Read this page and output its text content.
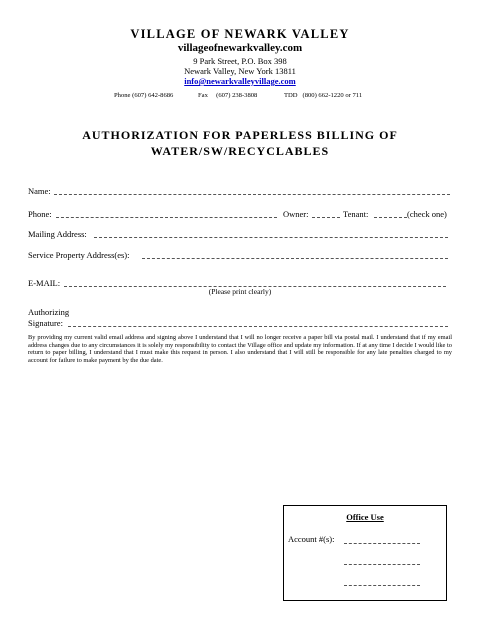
VILLAGE OF NEWARK VALLEY
villageofnewarkvalley.com
9 Park Street, P.O. Box 398
Newark Valley, New York 13811
info@newarkvalleyvillage.com
Phone (607) 642-8686	Fax     (607) 238-3808	TDD   (800) 662-1220 or 711
AUTHORIZATION FOR PAPERLESS BILLING OF
WATER/SW/RECYCLABLES
Name:
Phone:	Owner:	Tenant:	(check one)
Mailing Address:
Service Property Address(es):
E-MAIL:
(Please print clearly)
Authorizing
Signature:
By providing my current valid email address and signing above I understand that I will no longer receive a paper bill via postal mail. I understand that if my email address changes due to any circumstances it is solely my responsibility to contact the Village office and update my information. If at any time I decide I would like to return to paper billing, I understand that I must make this request in person. I also understand that I will still be responsible for any late penalties charged to my account for failure to make payment by the due date.
Office Use
Account #(s):
